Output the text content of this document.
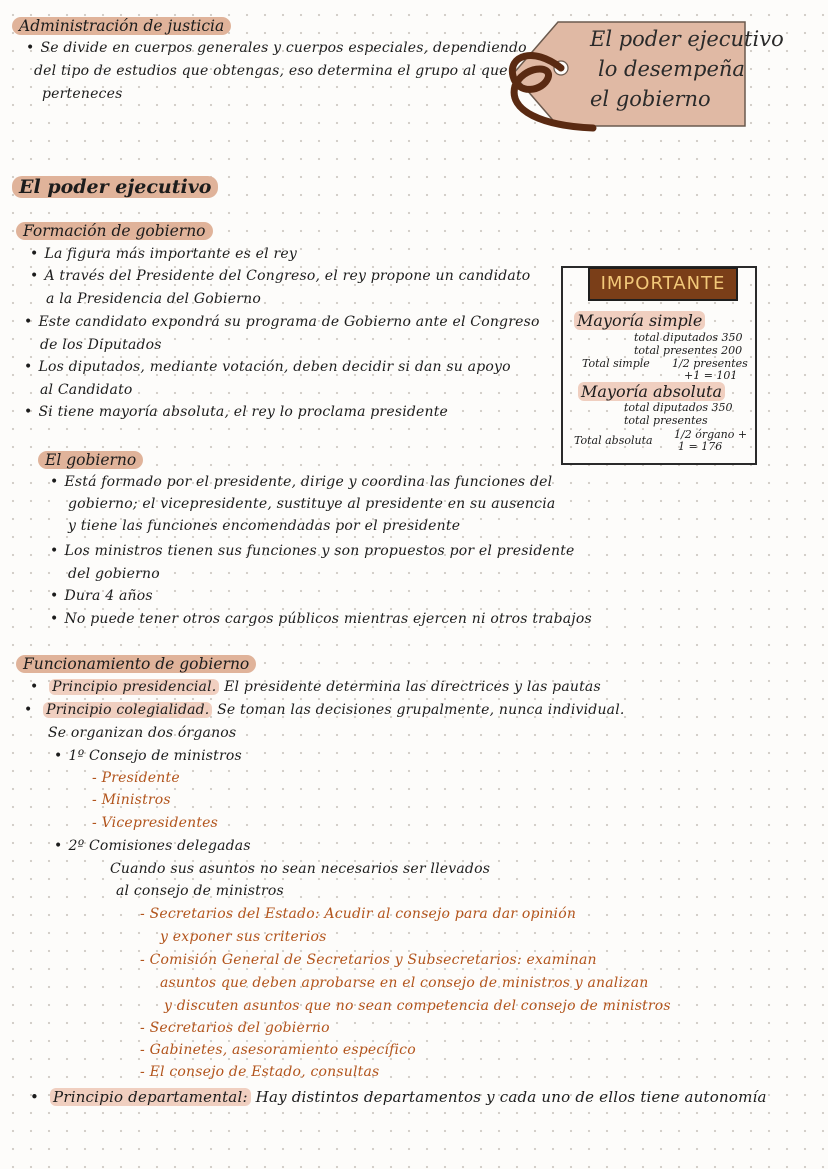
Administración de justicia
• Se divide en cuerpos generales y cuerpos especiales, dependiendo
del tipo de estudios que obtengas, eso determina el grupo al que
perteneces
El poder ejecutivo
lo desempeña
el gobierno
El poder ejecutivo
Formación de gobierno
• La figura más importante es el rey
• A través del Presidente del Congreso, el rey propone un candidato
a la Presidencia del Gobierno
• Este candidato expondrá su programa de Gobierno ante el Congreso
de los Diputados
• Los diputados, mediante votación, deben decidir si dan su apoyo
al Candidato
• Si tiene mayoría absoluta, el rey lo proclama presidente
IMPORTANTE
Mayoría simple
total diputados 350
total presentes 200
Total simple 1/2 presentes
+1 = 101
Mayoría absoluta
total diputados 350
total presentes
Total absoluta 1/2 órgano +
1 = 176
El gobierno
• Está formado por el presidente, dirige y coordina las funciones del
gobierno; el vicepresidente, sustituye al presidente en su ausencia
y tiene las funciones encomendadas por el presidente
• Los ministros tienen sus funciones y son propuestos por el presidente
del gobierno
• Dura 4 años
• No puede tener otros cargos públicos mientras ejercen ni otros trabajos
Funcionamiento de gobierno
• Principio presidencial. El presidente determina las directrices y las pautas
• Principio colegialidad. Se toman las decisiones grupalmente, nunca individual.
Se organizan dos órganos
• 1º Consejo de ministros
- Presidente
- Ministros
- Vicepresidentes
• 2º Comisiones delegadas
Cuando sus asuntos no sean necesarios ser llevados
al consejo de ministros
- Secretarios del Estado: Acudir al consejo para dar opinión
y exponer sus criterios
- Comisión General de Secretarios y Subsecretarios: examinan
asuntos que deben aprobarse en el consejo de ministros y analizan
y discuten asuntos que no sean competencia del consejo de ministros
- Secretarios del gobierno
- Gabinetes, asesoramiento específico
- El consejo de Estado, consultas
• Principio departamental: Hay distintos departamentos y cada uno de ellos tiene autonomía
